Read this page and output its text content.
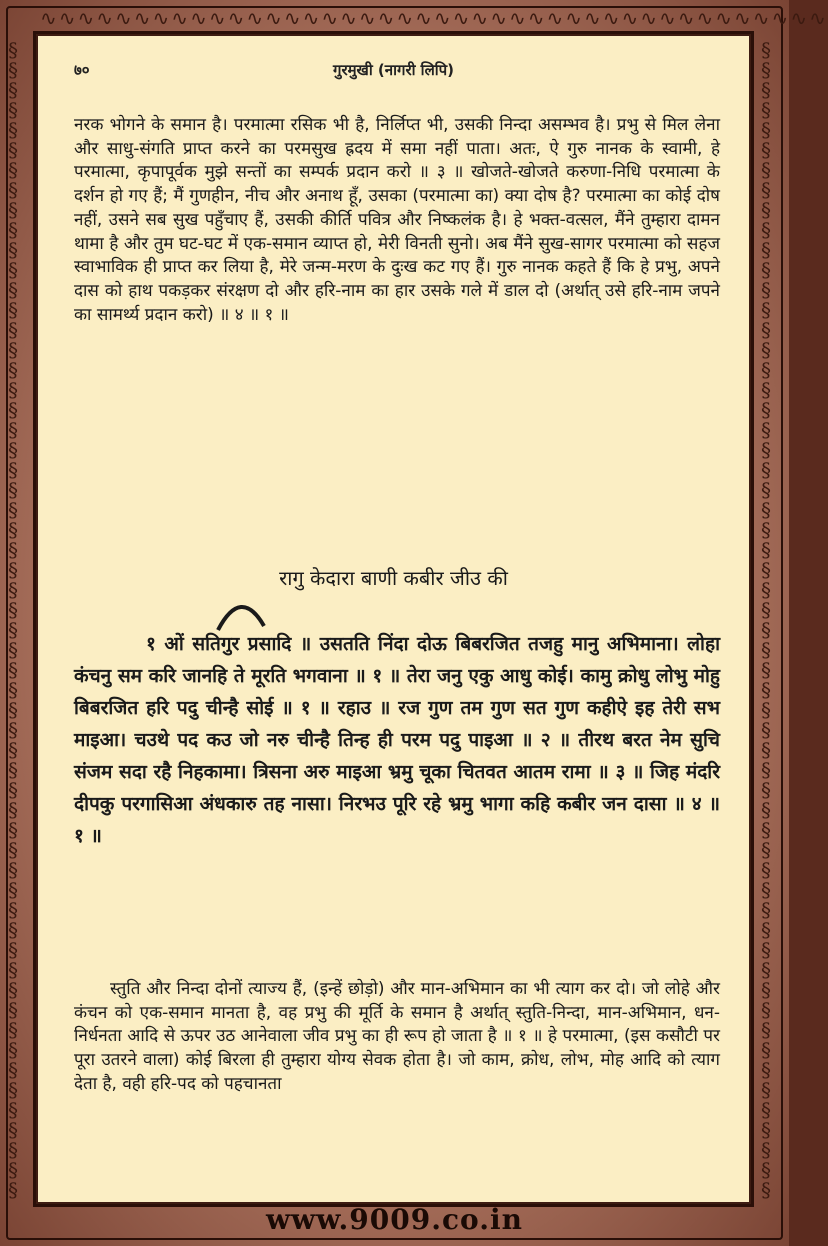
∿∿∿∿∿∿∿∿∿∿∿∿∿∿∿∿∿∿∿∿∿∿∿∿∿∿∿∿∿∿∿∿∿∿∿∿∿∿∿∿∿∿
§
§
§
§
§
§
§
§
§
§
§
§
§
§
§
§
§
§
§
§
§
§
§
§
§
§
§
§
§
§
§
§
§
§
§
§
§
§
§
§
§
§
§
§
§
§
§
§
§
§
§
§
§
§
§
§
§
§
§
§
§
§
§
§
§
§
§
§
§
§
§
§
§
§
§
§
§
§
§
§
§
§
§
§
§
§
§
§
§
§
§
§
§
§
§
§
§
§
§
§
§
§
§
§
§
§
§
§
§
§
§
§
§
§
§
§
७०	गुरमुखी (नागरी लिपि)
नरक भोगने के समान है। परमात्मा रसिक भी है, निर्लिप्त भी, उसकी निन्दा असम्भव है। प्रभु से मिल लेना और साधु-संगति प्राप्त करने का परमसुख ह्रदय में समा नहीं पाता। अतः, ऐ गुरु नानक के स्वामी, हे परमात्मा, कृपापूर्वक मुझे सन्तों का सम्पर्क प्रदान करो ॥ ३ ॥ खोजते-खोजते करुणा-निधि परमात्मा के दर्शन हो गए हैं; मैं गुणहीन, नीच और अनाथ हूँ, उसका (परमात्मा का) क्या दोष है? परमात्मा का कोई दोष नहीं, उसने सब सुख पहुँचाए हैं, उसकी कीर्ति पवित्र और निष्कलंक है। हे भक्त-वत्सल, मैंने तुम्हारा दामन थामा है और तुम घट-घट में एक-समान व्याप्त हो, मेरी विनती सुनो। अब मैंने सुख-सागर परमात्मा को सहज स्वाभाविक ही प्राप्त कर लिया है, मेरे जन्म-मरण के दुःख कट गए हैं। गुरु नानक कहते हैं कि हे प्रभु, अपने दास को हाथ पकड़कर संरक्षण दो और हरि-नाम का हार उसके गले में डाल दो (अर्थात् उसे हरि-नाम जपने का सामर्थ्य प्रदान करो) ॥ ४ ॥ १ ॥
रागु केदारा बाणी कबीर जीउ की
१ ओं सतिगुर प्रसादि ॥ उसतति निंदा दोऊ बिबरजित तजहु मानु अभिमाना। लोहा कंचनु सम करि जानहि ते मूरति भगवाना ॥ १ ॥ तेरा जनु एकु आधु कोई। कामु क्रोधु लोभु मोहु बिबरजित हरि पदु चीन्है सोई ॥ १ ॥ रहाउ ॥ रज गुण तम गुण सत गुण कहीऐ इह तेरी सभ माइआ। चउथे पद कउ जो नरु चीन्है तिन्ह ही परम पदु पाइआ ॥ २ ॥ तीरथ बरत नेम सुचि संजम सदा रहै निहकामा। त्रिसना अरु माइआ भ्रमु चूका चितवत आतम रामा ॥ ३ ॥ जिह मंदरि दीपकु परगासिआ अंधकारु तह नासा। निरभउ पूरि रहे भ्रमु भागा कहि कबीर जन दासा ॥ ४ ॥ १ ॥
स्तुति और निन्दा दोनों त्याज्य हैं, (इन्हें छोड़ो) और मान-अभिमान का भी त्याग कर दो। जो लोहे और कंचन को एक-समान मानता है, वह प्रभु की मूर्ति के समान है अर्थात् स्तुति-निन्दा, मान-अभिमान, धन-निर्धनता आदि से ऊपर उठ आनेवाला जीव प्रभु का ही रूप हो जाता है ॥ १ ॥ हे परमात्मा, (इस कसौटी पर पूरा उतरने वाला) कोई बिरला ही तुम्हारा योग्य सेवक होता है। जो काम, क्रोध, लोभ, मोह आदि को त्याग देता है, वही हरि-पद को पहचानता
www.9009.co.in
